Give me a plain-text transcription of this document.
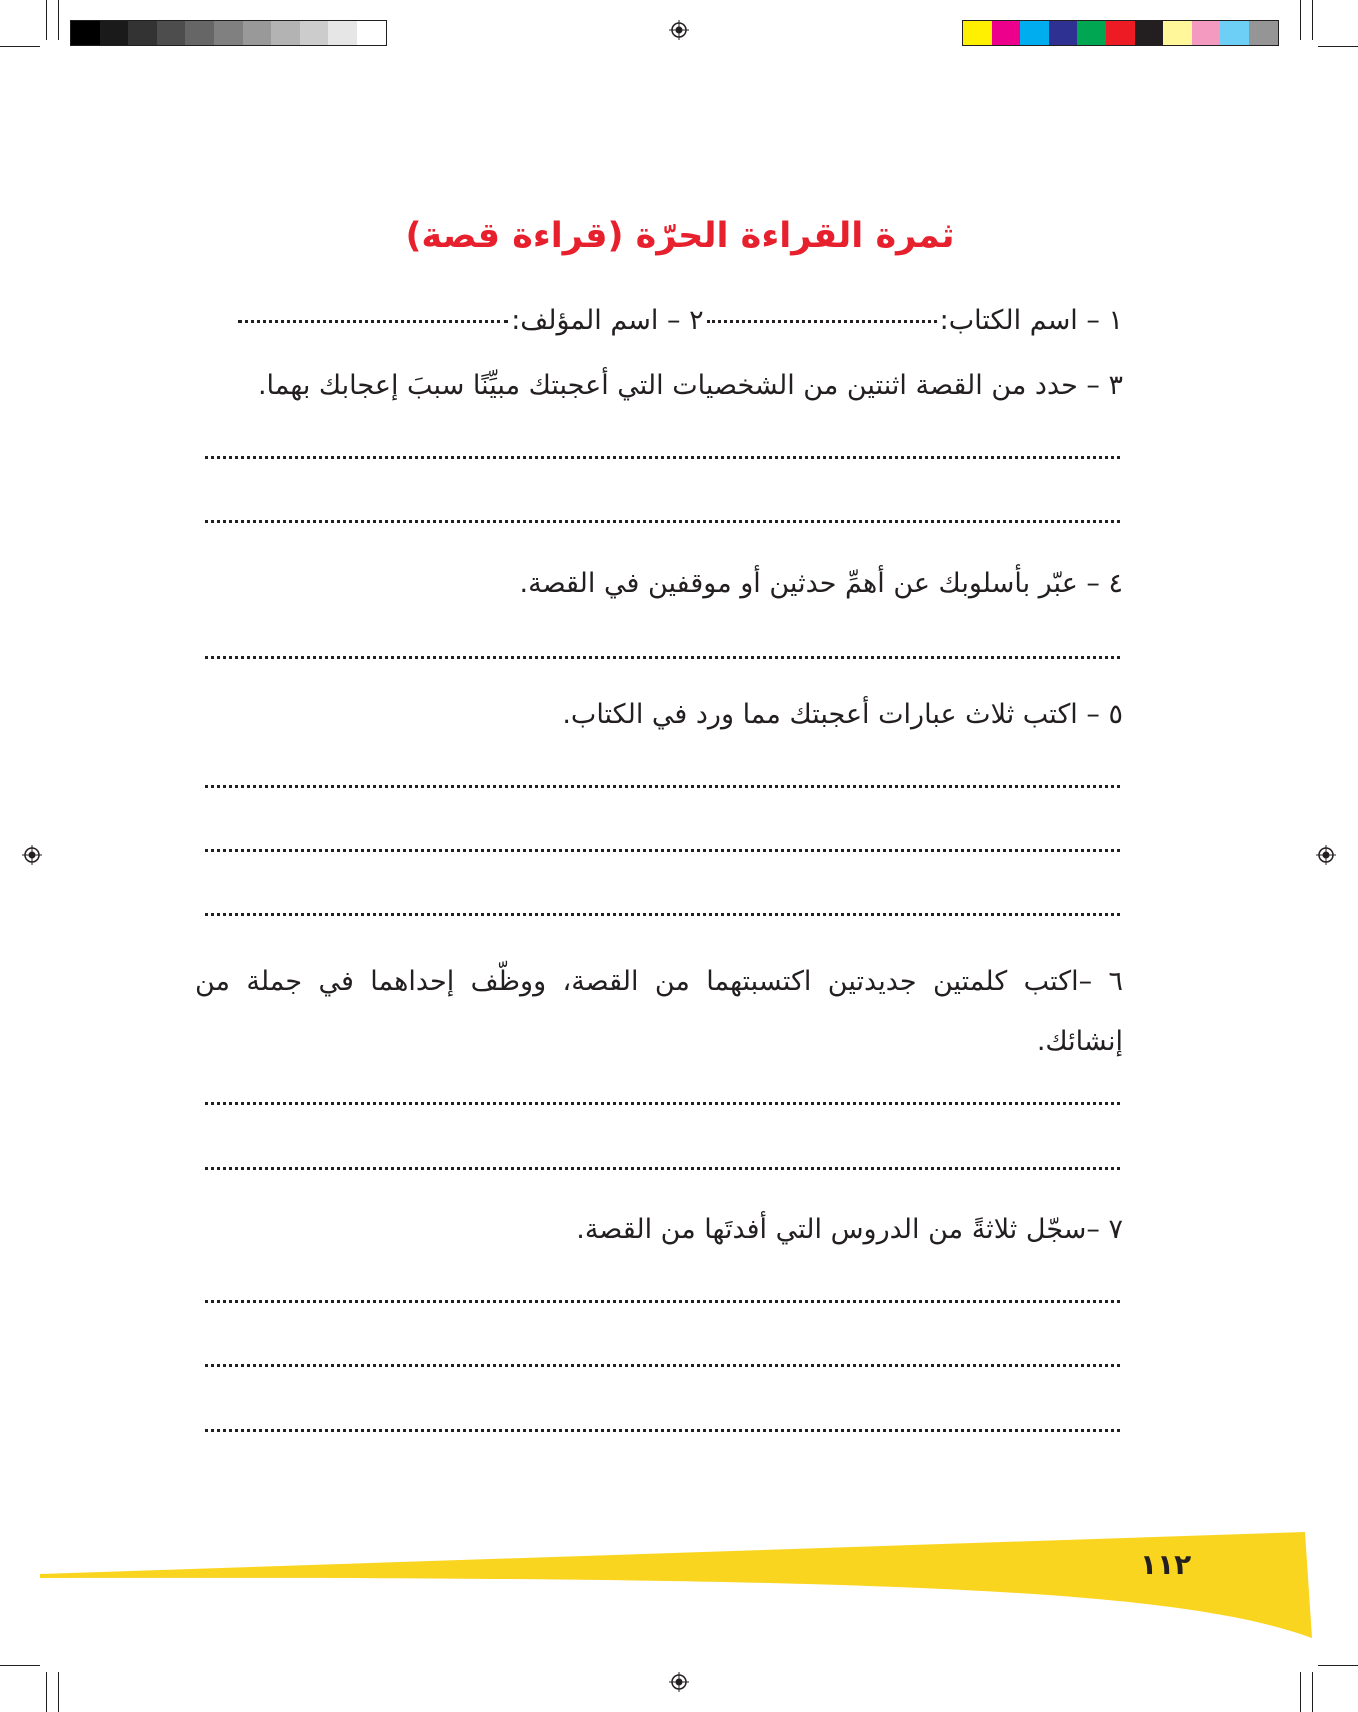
ثمرة القراءة الحرّة (قراءة قصة)
١ – اسم الكتاب:٢ – اسم المؤلف:
٣ – حدد من القصة اثنتين من الشخصيات التي أعجبتك مبيِّنًا سببَ إعجابك بهما.
٤ – عبّر بأسلوبك عن أهمِّ حدثين أو موقفين في القصة.
٥ – اكتب ثلاث عبارات أعجبتك مما ورد في الكتاب.
٦ –اكتب كلمتين جديدتين اكتسبتهما من القصة، ووظّف إحداهما في جملة من إنشائك.
٧ –سجّل ثلاثةً من الدروس التي أفدتَها من القصة.
١١٢
